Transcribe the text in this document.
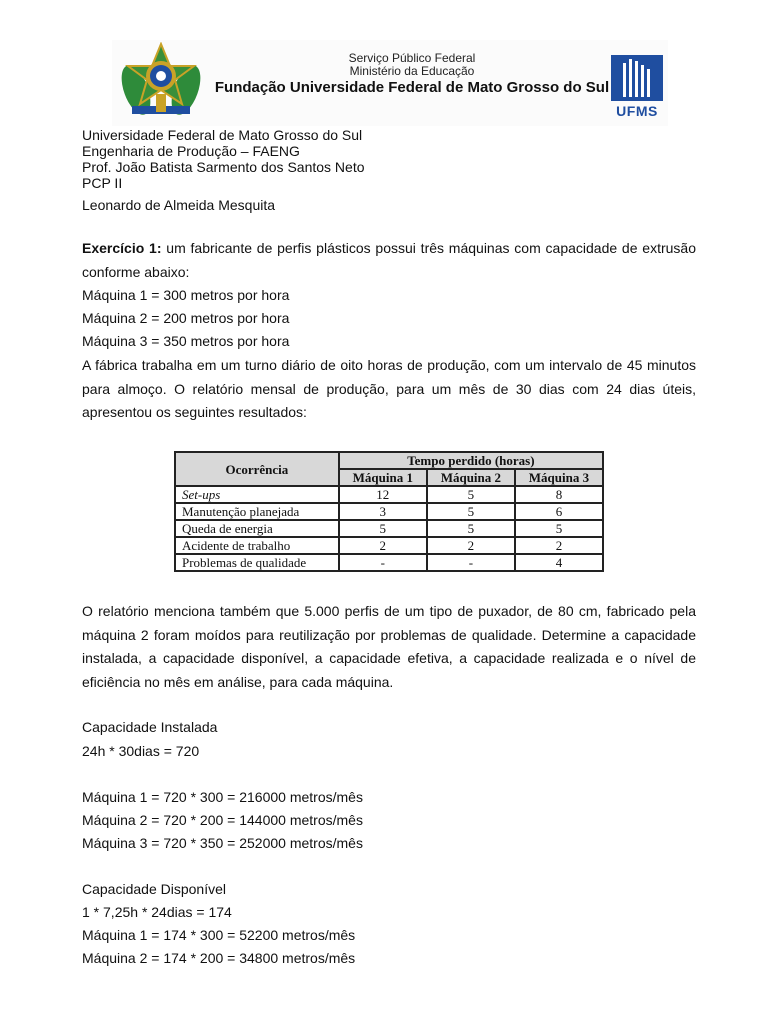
Serviço Público Federal
Ministério da Educação
Fundação Universidade Federal de Mato Grosso do Sul
UFMS

Universidade Federal de Mato Grosso do Sul

Engenharia de Produção – FAENG

Prof. João Batista Sarmento dos Santos Neto

PCP II

Leonardo de Almeida Mesquita

Exercício 1: um fabricante de perfis plásticos possui três máquinas com capacidade de extrusão conforme abaixo:

Máquina 1 = 300 metros por hora

Máquina 2 = 200 metros por hora

Máquina 3 = 350 metros por hora

A fábrica trabalha em um turno diário de oito horas de produção, com um intervalo de 45 minutos para almoço. O relatório mensal de produção, para um mês de 30 dias com 24 dias úteis, apresentou os seguintes resultados:

Ocorrência	Tempo perdido (horas)		
	Máquina 1	Máquina 2	Máquina 3
Set-ups	12	5	8
Manutenção planejada	3	5	6
Queda de energia	5	5	5
Acidente de trabalho	2	2	2
Problemas de qualidade	-	-	4

O relatório menciona também que 5.000 perfis de um tipo de puxador, de 80 cm, fabricado pela máquina 2 foram moídos para reutilização por problemas de qualidade. Determine a capacidade instalada, a capacidade disponível, a capacidade efetiva, a capacidade realizada e o nível de eficiência no mês em análise, para cada máquina.

Capacidade Instalada

24h * 30dias = 720

Máquina 1 = 720 * 300 = 216000 metros/mês

Máquina 2 = 720 * 200 = 144000 metros/mês

Máquina 3 = 720 * 350 = 252000 metros/mês

Capacidade Disponível

1 * 7,25h * 24dias = 174

Máquina 1 = 174 * 300 = 52200 metros/mês

Máquina 2 = 174 * 200 = 34800 metros/mês
